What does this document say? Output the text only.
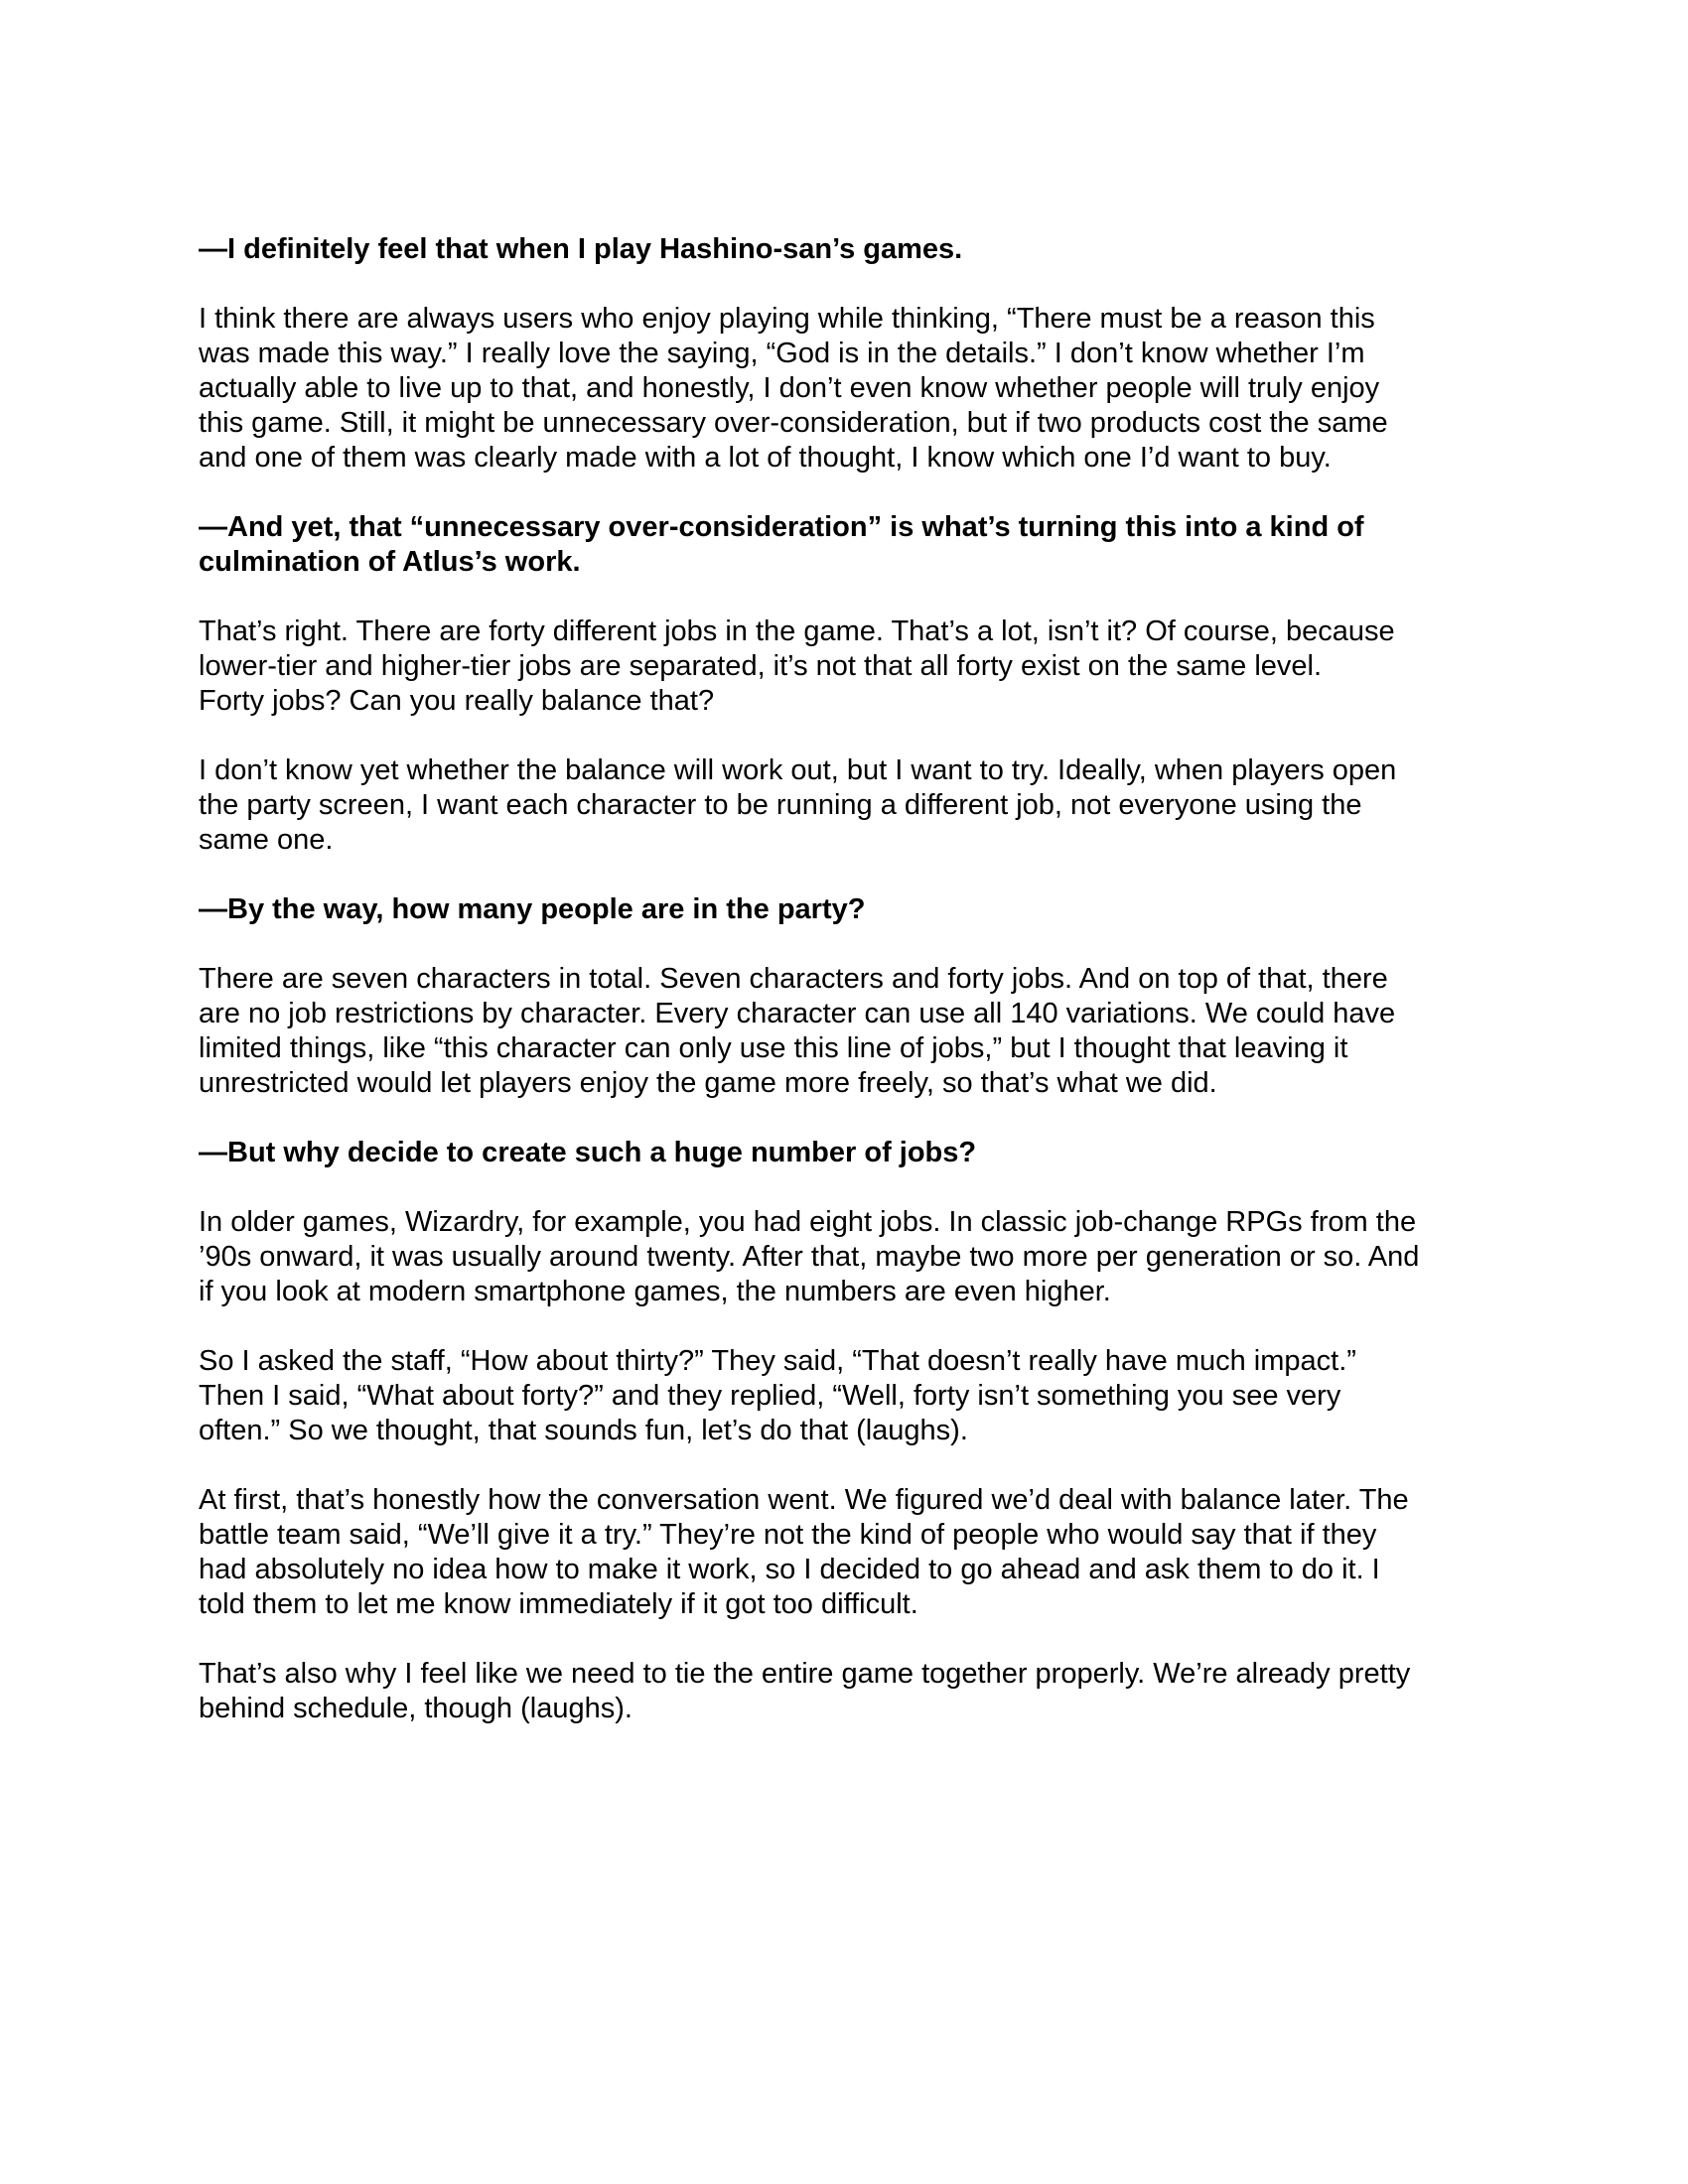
—I definitely feel that when I play Hashino-san’s games.

I think there are always users who enjoy playing while thinking, “There must be a reason this
was made this way.” I really love the saying, “God is in the details.” I don’t know whether I’m
actually able to live up to that, and honestly, I don’t even know whether people will truly enjoy
this game. Still, it might be unnecessary over-consideration, but if two products cost the same
and one of them was clearly made with a lot of thought, I know which one I’d want to buy.

—And yet, that “unnecessary over-consideration” is what’s turning this into a kind of
culmination of Atlus’s work.

That’s right. There are forty different jobs in the game. That’s a lot, isn’t it? Of course, because
lower-tier and higher-tier jobs are separated, it’s not that all forty exist on the same level.
Forty jobs? Can you really balance that?

I don’t know yet whether the balance will work out, but I want to try. Ideally, when players open
the party screen, I want each character to be running a different job, not everyone using the
same one.

—By the way, how many people are in the party?

There are seven characters in total. Seven characters and forty jobs. And on top of that, there
are no job restrictions by character. Every character can use all 140 variations. We could have
limited things, like “this character can only use this line of jobs,” but I thought that leaving it
unrestricted would let players enjoy the game more freely, so that’s what we did.

—But why decide to create such a huge number of jobs?

In older games, Wizardry, for example, you had eight jobs. In classic job-change RPGs from the
’90s onward, it was usually around twenty. After that, maybe two more per generation or so. And
if you look at modern smartphone games, the numbers are even higher.

So I asked the staff, “How about thirty?” They said, “That doesn’t really have much impact.”
Then I said, “What about forty?” and they replied, “Well, forty isn’t something you see very
often.” So we thought, that sounds fun, let’s do that (laughs).

At first, that’s honestly how the conversation went. We figured we’d deal with balance later. The
battle team said, “We’ll give it a try.” They’re not the kind of people who would say that if they
had absolutely no idea how to make it work, so I decided to go ahead and ask them to do it. I
told them to let me know immediately if it got too difficult.

That’s also why I feel like we need to tie the entire game together properly. We’re already pretty
behind schedule, though (laughs).
